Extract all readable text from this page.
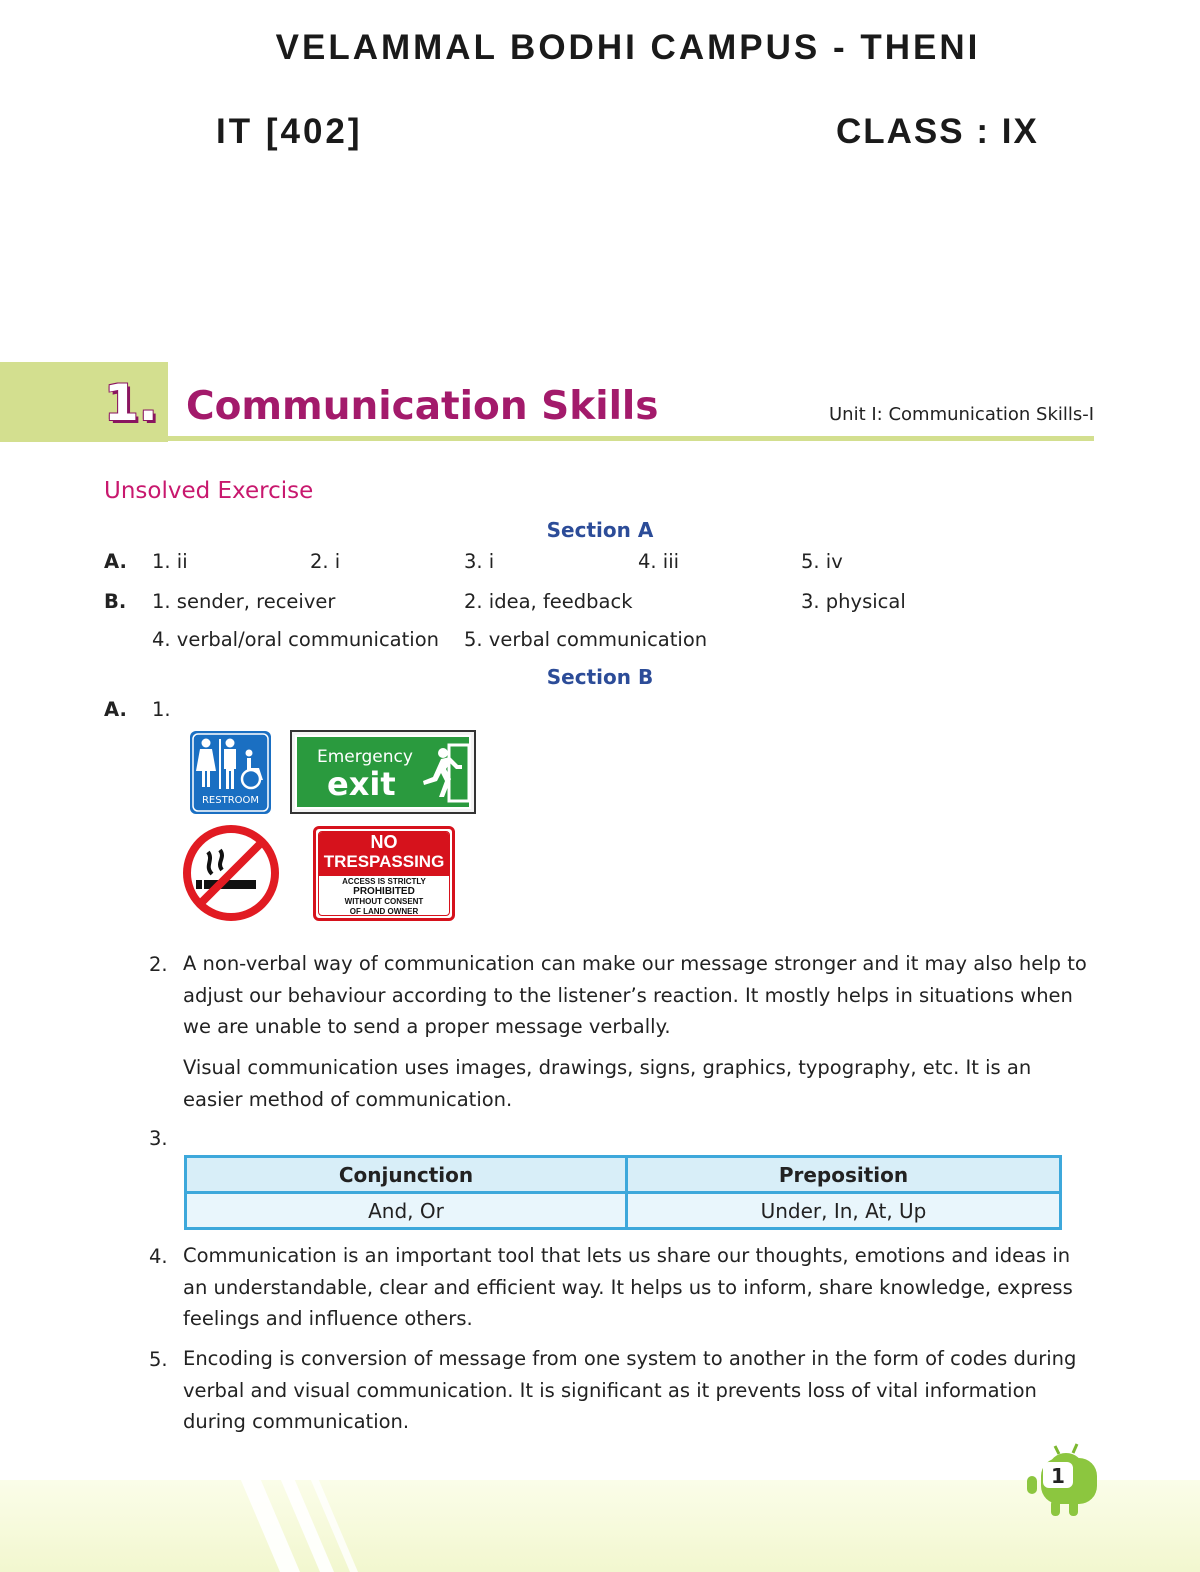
VELAMMAL BODHI CAMPUS - THENI
IT [402]	CLASS : IX
1. Communication Skills	Unit I: Communication Skills-I
Unsolved Exercise
Section A
A. 1. ii	2. i	3. i	4. iii	5. iv
B. 1. sender, receiver	2. idea, feedback	3. physical
4. verbal/oral communication 5. verbal communication
Section B
A. 1.
RESTROOM
Emergency
exit
NO
TRESPASSING
ACCESS IS STRICTLY
PROHIBITED
WITHOUT CONSENT
OF LAND OWNER
2. A non-verbal way of communication can make our message stronger and it may also help to adjust our behaviour according to the listener’s reaction. It mostly helps in situations when we are unable to send a proper message verbally.
Visual communication uses images, drawings, signs, graphics, typography, etc. It is an easier method of communication.
3.
Conjunction	Preposition
And, Or	Under, In, At, Up
4. Communication is an important tool that lets us share our thoughts, emotions and ideas in an understandable, clear and efficient way. It helps us to inform, share knowledge, express feelings and influence others.
5. Encoding is conversion of message from one system to another in the form of codes during verbal and visual communication. It is significant as it prevents loss of vital information during communication.
1
